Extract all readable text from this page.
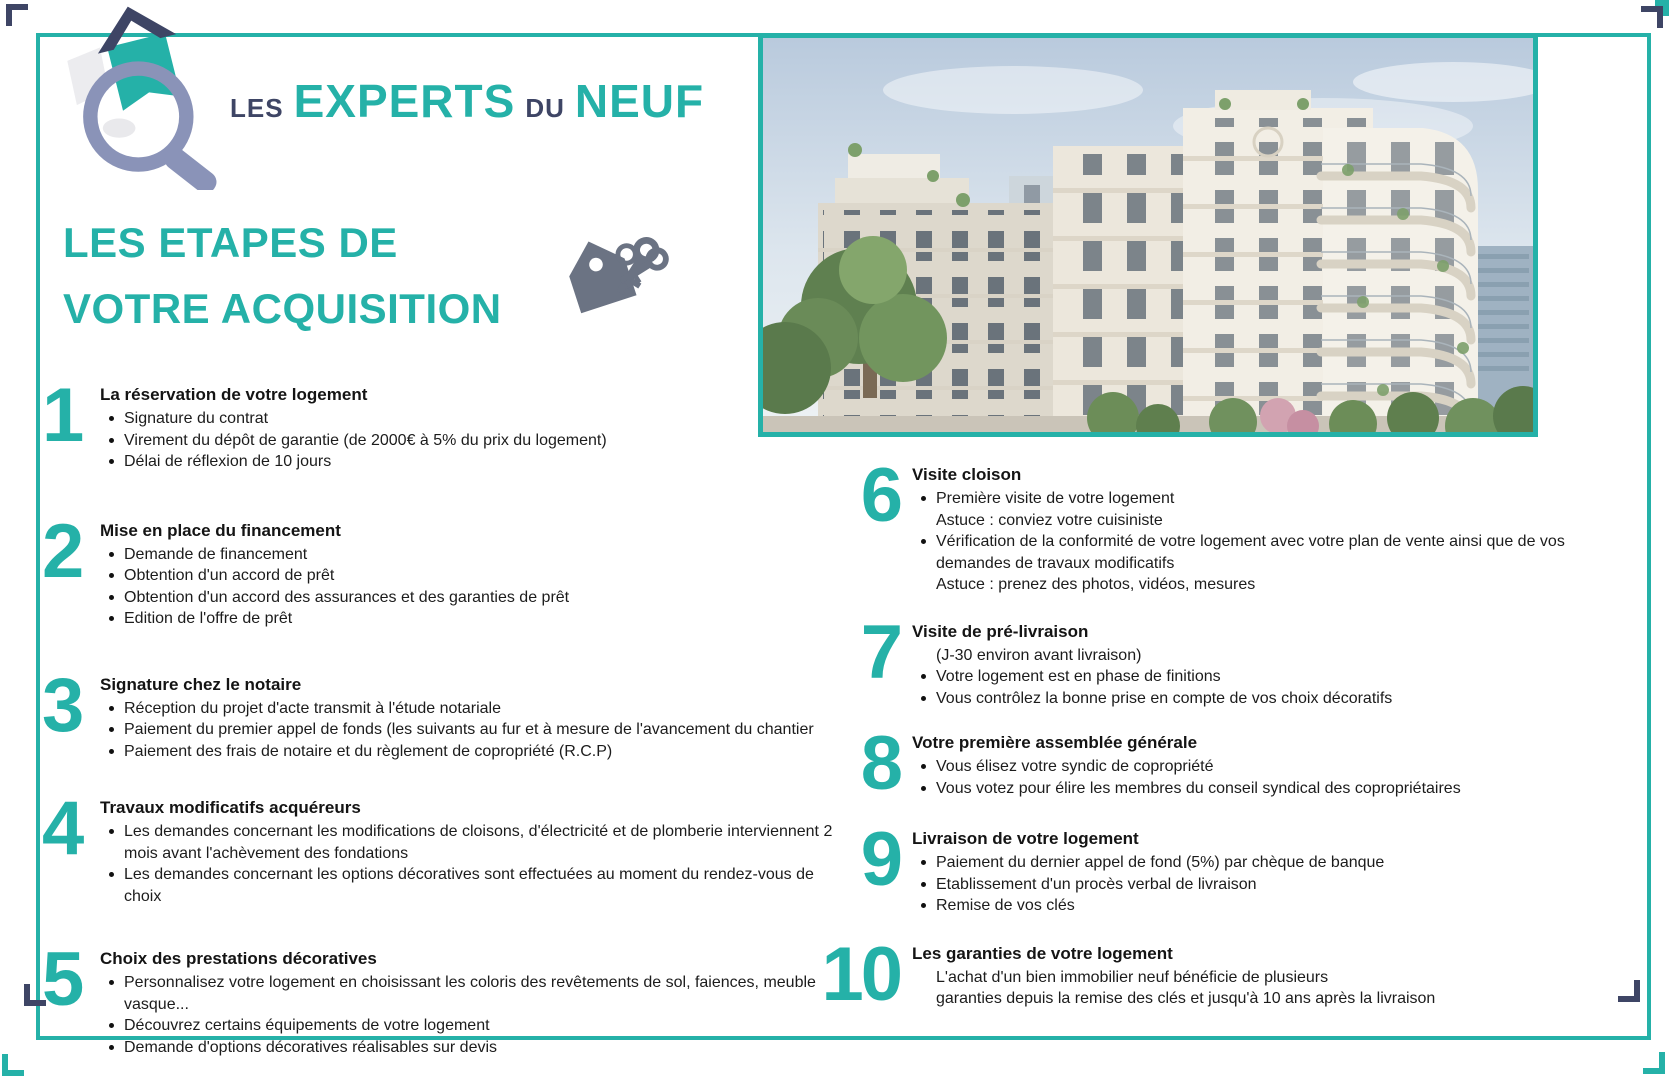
LES EXPERTS DU NEUF
LES ETAPES DE
VOTRE ACQUISITION
1	La réservation de votre logement
Signature du contrat
Virement du dépôt de garantie (de 2000€ à 5% du prix du logement)
Délai de réflexion de 10 jours
2	Mise en place du financement
Demande de financement
Obtention d'un accord de prêt
Obtention d'un accord des assurances et des garanties de prêt
Edition de l'offre de prêt
3	Signature chez le notaire
Réception du projet d'acte transmit à l'étude notariale
Paiement du premier appel de fonds (les suivants au fur et à mesure de l'avancement du chantier
Paiement des frais de notaire et du règlement de copropriété (R.C.P)
4	Travaux modificatifs acquéreurs
Les demandes concernant les modifications de cloisons, d'électricité et de plomberie interviennent 2 mois avant l'achèvement des fondations
Les demandes concernant les options décoratives sont effectuées au moment du rendez-vous de choix
5	Choix des prestations décoratives
Personnalisez votre logement en choisissant les coloris des revêtements de sol, faiences, meuble vasque...
Découvrez certains équipements de votre logement
Demande d'options décoratives réalisables sur devis
6 Visite cloison
Première visite de votre logement
Astuce : conviez votre cuisiniste
Vérification de la conformité de votre logement avec votre plan de vente ainsi que de vos demandes de travaux modificatifs
Astuce : prenez des photos, vidéos, mesures
7 Visite de pré-livraison
(J-30 environ avant livraison)
Votre logement est en phase de finitions
Vous contrôlez la bonne prise en compte de vos choix décoratifs
8 Votre première assemblée générale
Vous élisez votre syndic de copropriété
Vous votez pour élire les membres du conseil syndical des copropriétaires
9 Livraison de votre logement
Paiement du dernier appel de fond (5%) par chèque de banque
Etablissement d'un procès verbal de livraison
Remise de vos clés
10 Les garanties de votre logement
L'achat d'un bien immobilier neuf bénéficie de plusieurs
garanties depuis la remise des clés et jusqu'à 10 ans après la livraison
